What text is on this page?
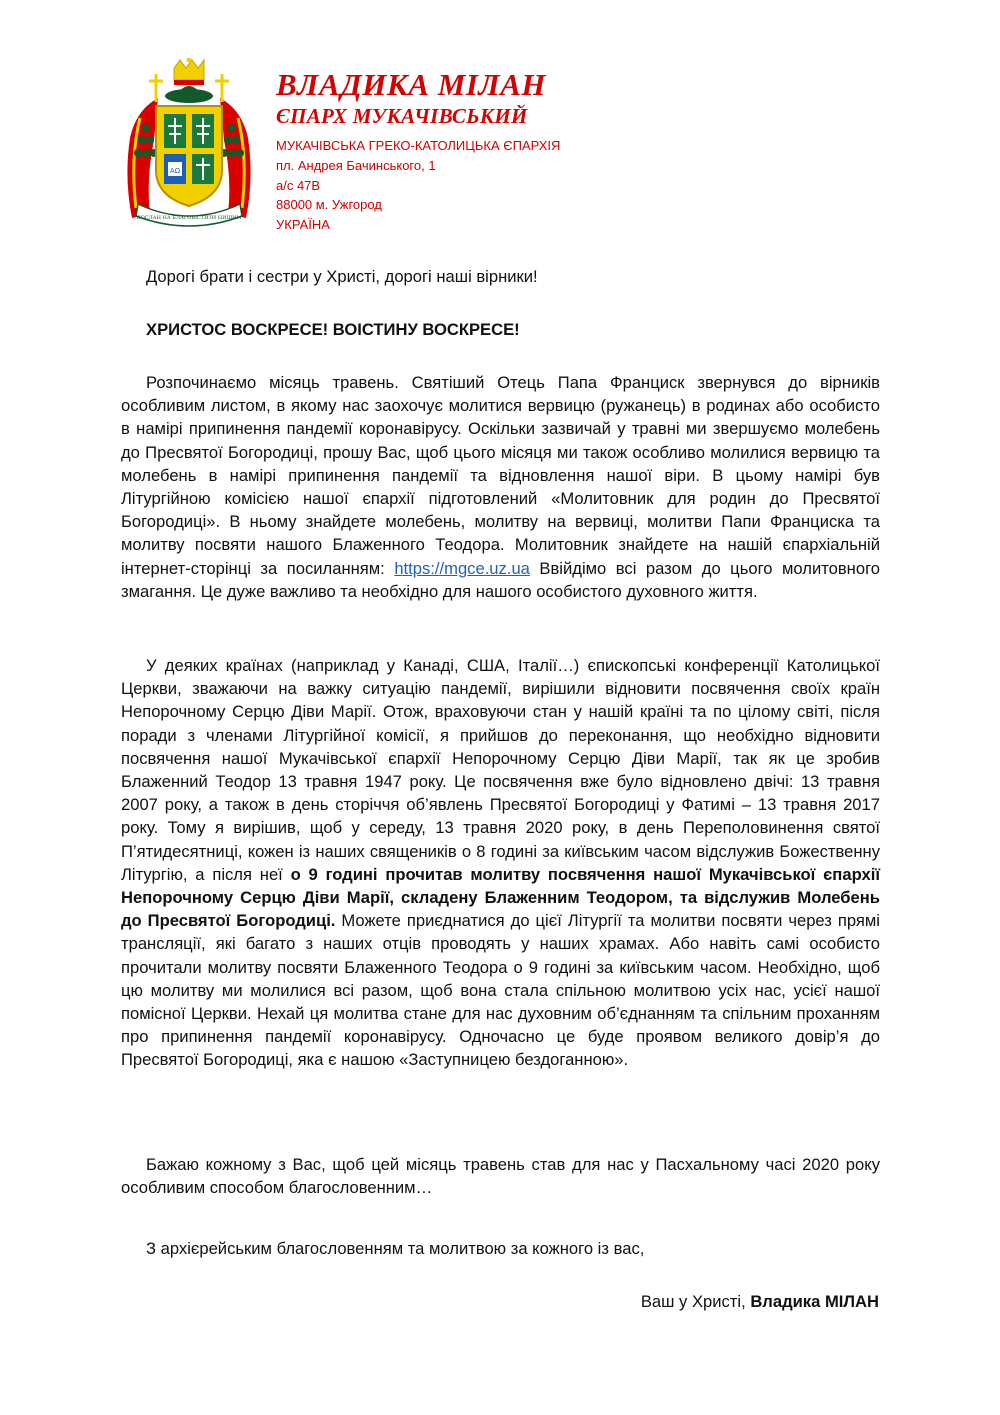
ΑΩ
ПОСЛАН НА БЛАГОВІСТИТИ НИЩИМ
ВЛАДИКА МІЛАН
ЄПАРХ МУКАЧІВСЬКИЙ
МУКАЧІВСЬКА ГРЕКО-КАТОЛИЦЬКА ЄПАРХІЯ
пл. Андрея Бачинського, 1
а/с 47В
88000 м. Ужгород
УКРАЇНА
Дорогі брати і сестри у Христі, дорогі наші вірники!
ХРИСТОС ВОСКРЕСЕ! ВОІСТИНУ ВОСКРЕСЕ!
Розпочинаємо місяць травень. Святіший Отець Папа Франциск звернувся до вірників особливим листом, в якому нас заохочує молитися вервицю (ружанець) в родинах або особисто в намірі припинення пандемії коронавірусу. Оскільки зазвичай у травні ми звершуємо молебень до Пресвятої Богородиці, прошу Вас, щоб цього місяця ми також особливо молилися вервицю та молебень в намірі припинення пандемії та відновлення нашої віри. В цьому намірі був Літургійною комісією нашої єпархії підготовлений «Молитовник для родин до Пресвятої Богородиці». В ньому знайдете молебень, молитву на вервиці, молитви Папи Франциска та молитву посвяти нашого Блаженного Теодора. Молитовник знайдете на нашій єпархіальній інтернет-сторінці за посиланням: https://mgce.uz.ua Ввійдімо всі разом до цього молитовного змагання. Це дуже важливо та необхідно для нашого особистого духовного життя.
У деяких країнах (наприклад у Канаді, США, Італії…) єпископські конференції Католицької Церкви, зважаючи на важку ситуацію пандемії, вирішили відновити посвячення своїх країн Непорочному Серцю Діви Марії. Отож, враховуючи стан у нашій країні та по цілому світі, після поради з членами Літургійної комісії, я прийшов до переконання, що необхідно відновити посвячення нашої Мукачівської єпархії Непорочному Серцю Діви Марії, так як це зробив Блаженний Теодор 13 травня 1947 року. Це посвячення вже було відновлено двічі: 13 травня 2007 року, а також в день сторіччя об’явлень Пресвятої Богородиці у Фатимі – 13 травня 2017 року. Тому я вирішив, щоб у середу, 13 травня 2020 року, в день Переполовинення святої П’ятидесятниці, кожен із наших священиків о 8 годині за київським часом відслужив Божественну Літургію, а після неї о 9 годині прочитав молитву посвячення нашої Мукачівської єпархії Непорочному Серцю Діви Марії, складену Блаженним Теодором, та відслужив Молебень до Пресвятої Богородиці. Можете приєднатися до цієї Літургії та молитви посвяти через прямі трансляції, які багато з наших отців проводять у наших храмах. Або навіть самі особисто прочитали молитву посвяти Блаженного Теодора о 9 годині за київським часом. Необхідно, щоб цю молитву ми молилися всі разом, щоб вона стала спільною молитвою усіх нас, усієї нашої помісної Церкви. Нехай ця молитва стане для нас духовним об’єднанням та спільним проханням про припинення пандемії коронавірусу. Одночасно це буде проявом великого довір’я до Пресвятої Богородиці, яка є нашою «Заступницею бездоганною».
Бажаю кожному з Вас, щоб цей місяць травень став для нас у Пасхальному часі 2020 року особливим способом благословенним…
З архієрейським благословенням та молитвою за кожного із вас,
Ваш у Христі, Владика МІЛАН
